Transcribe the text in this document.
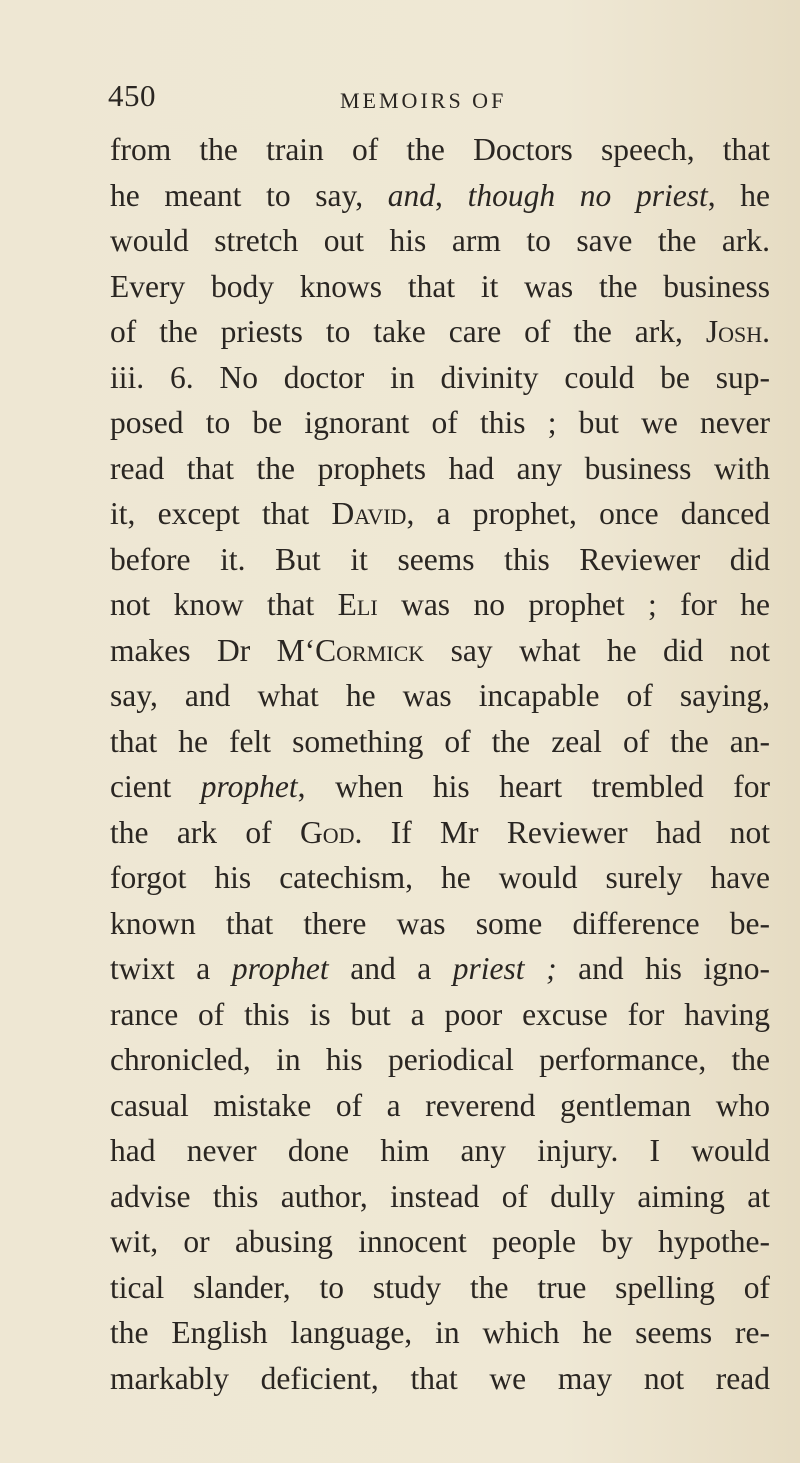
450	MEMOIRS OF
from the train of the Doctors speech, that
he meant to say, and, though no priest, he
would stretch out his arm to save the ark.
Every body knows that it was the business
of the priests to take care of the ark, Josh.
iii. 6. No doctor in divinity could be sup-
posed to be ignorant of this ; but we never
read that the prophets had any business with
it, except that David, a prophet, once danced
before it. But it seems this Reviewer did
not know that Eli was no prophet ; for he
makes Dr M‘Cormick say what he did not
say, and what he was incapable of saying,
that he felt something of the zeal of the an-
cient prophet, when his heart trembled for
the ark of God. If Mr Reviewer had not
forgot his catechism, he would surely have
known that there was some difference be-
twixt a prophet and a priest ; and his igno-
rance of this is but a poor excuse for having
chronicled, in his periodical performance, the
casual mistake of a reverend gentleman who
had never done him any injury. I would
advise this author, instead of dully aiming at
wit, or abusing innocent people by hypothe-
tical slander, to study the true spelling of
the English language, in which he seems re-
markably deficient, that we may not read
